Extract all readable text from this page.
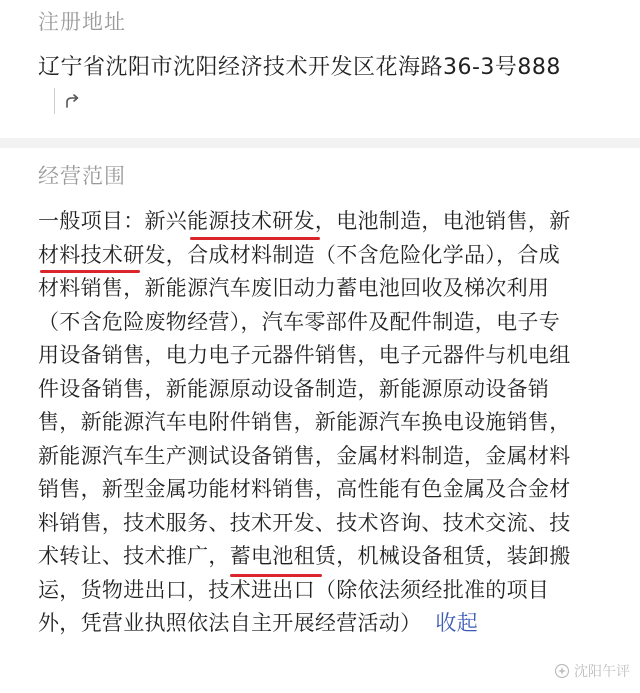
注册地址
辽宁省沈阳市沈阳经济技术开发区花海路36-3号888
经营范围
一般项目：新兴能源技术研发，电池制造，电池销售，新
材料技术研发，合成材料制造（不含危险化学品），合成
材料销售，新能源汽车废旧动力蓄电池回收及梯次利用
（不含危险废物经营），汽车零部件及配件制造，电子专
用设备销售，电力电子元器件销售，电子元器件与机电组
件设备销售，新能源原动设备制造，新能源原动设备销
售，新能源汽车电附件销售，新能源汽车换电设施销售，
新能源汽车生产测试设备销售，金属材料制造，金属材料
销售，新型金属功能材料销售，高性能有色金属及合金材
料销售，技术服务、技术开发、技术咨询、技术交流、技
术转让、技术推广，蓄电池租赁，机械设备租赁，装卸搬
运，货物进出口，技术进出口（除依法须经批准的项目
外，凭营业执照依法自主开展经营活动） 收起
沈阳午评
